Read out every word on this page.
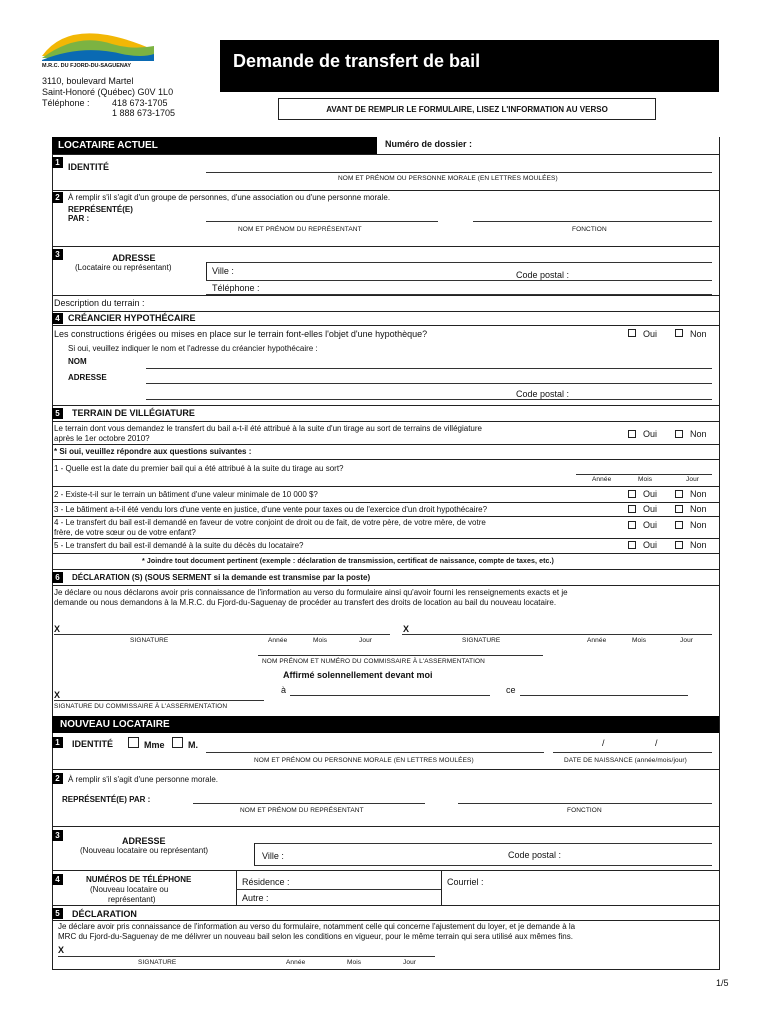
M.R.C. DU FJORD-DU-SAGUENAY
3110, boulevard Martel
Saint-Honoré (Québec) G0V 1L0
Téléphone : 418 673-1705
1 888 673-1705
Demande de transfert de bail
AVANT DE REMPLIR LE FORMULAIRE, LISEZ L'INFORMATION AU VERSO
LOCATAIRE ACTUEL	Numéro de dossier :
1 IDENTITÉ
NOM ET PRÉNOM OU PERSONNE MORALE (EN LETTRES MOULÉES)
2	À remplir s'il s'agit d'un groupe de personnes, d'une association ou d'une personne morale.
REPRÉSENTÉ(E)
PAR :
NOM ET PRÉNOM DU REPRÉSENTANT	FONCTION
3	ADRESSE
(Locataire ou représentant)	Ville :	Code postal :
Téléphone :
Description du terrain :
4 CRÉANCIER HYPOTHÉCAIRE
Les constructions érigées ou mises en place sur le terrain font-elles l'objet d'une hypothèque?	Oui	Non
Si oui, veuillez indiquer le nom et l'adresse du créancier hypothécaire :
NOM
ADRESSE
Code postal :
5	TERRAIN DE VILLÉGIATURE
Le terrain dont vous demandez le transfert du bail a-t-il été attribué à la suite d'un tirage au sort de terrains de villégiature
après le 1er octobre 2010?	Oui	Non
* Si oui, veuillez répondre aux questions suivantes :
1 - Quelle est la date du premier bail qui a été attribué à la suite du tirage au sort?
Année	Mois	Jour
2 - Existe-t-il sur le terrain un bâtiment d'une valeur minimale de 10 000 $?	Oui	Non
3 - Le bâtiment a-t-il été vendu lors d'une vente en justice, d'une vente pour taxes ou de l'exercice d'un droit hypothécaire?	Oui	Non
4 - Le transfert du bail est-il demandé en faveur de votre conjoint de droit ou de fait, de votre père, de votre mère, de votre
frère, de votre sœur ou de votre enfant?
Oui	Non
5 - Le transfert du bail est-il demandé à la suite du décès du locataire?	Oui	Non
* Joindre tout document pertinent (exemple : déclaration de transmission, certificat de naissance, compte de taxes, etc.)
6	DÉCLARATION (S) (SOUS SERMENT si la demande est transmise par la poste)
Je déclare ou nous déclarons avoir pris connaissance de l'information au verso du formulaire ainsi qu'avoir fourni les renseignements exacts et je
demande ou nous demandons à la M.R.C. du Fjord-du-Saguenay de procéder au transfert des droits de location au bail du nouveau locataire.
X
SIGNATURE	Année	Mois	Jour
X
SIGNATURE	Année	Mois	Jour
NOM PRÉNOM ET NUMÉRO DU COMMISSAIRE À L'ASSERMENTATION
Affirmé solennellement devant moi
à	ce
X
SIGNATURE DU COMMISSAIRE À L'ASSERMENTATION
NOUVEAU LOCATAIRE
1	IDENTITÉ	Mme	M.	/	/
NOM ET PRÉNOM OU PERSONNE MORALE (EN LETTRES MOULÉES)	DATE DE NAISSANCE (année/mois/jour)
2	À remplir s'il s'agit d'une personne morale.
REPRÉSENTÉ(E) PAR :
NOM ET PRÉNOM DU REPRÉSENTANT	FONCTION
3
ADRESSE
(Nouveau locataire ou représentant)
Ville :	Code postal :
4	NUMÉROS DE TÉLÉPHONE
(Nouveau locataire ou
représentant)
Résidence :
Autre :
Courriel :
5	DÉCLARATION
Je déclare avoir pris connaissance de l'information au verso du formulaire, notamment celle qui concerne l'ajustement du loyer, et je demande à la
MRC du Fjord-du-Saguenay de me délivrer un nouveau bail selon les conditions en vigueur, pour le même terrain qui sera utilisé aux mêmes fins.
X
SIGNATURE	Année	Mois	Jour
1/5
